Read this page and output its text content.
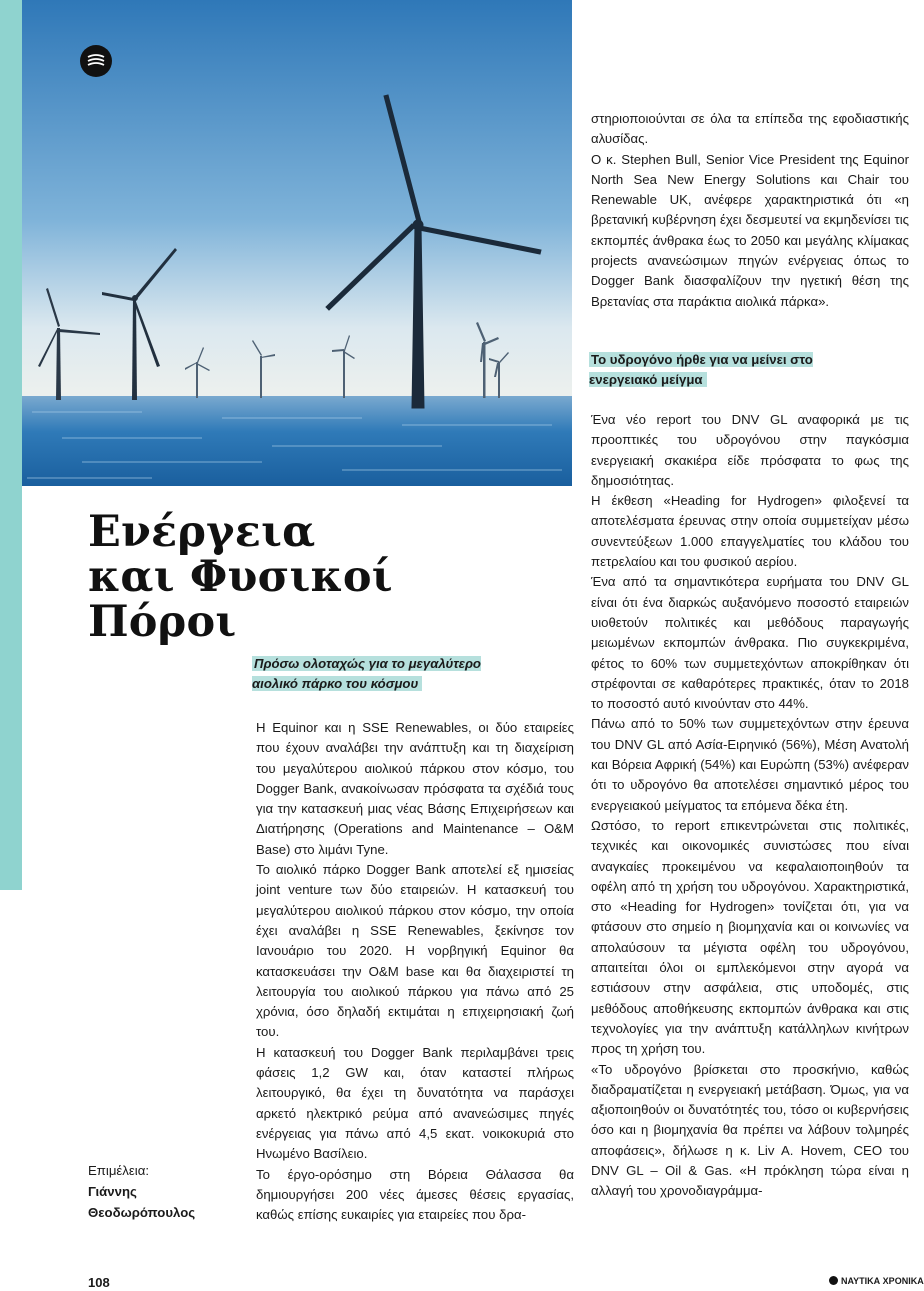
Ενέργεια
και Φυσικοί
Πόροι
Πρόσω ολοταχώς για το μεγαλύτερο αιολικό πάρκο του κόσμου

Η Equinor και η SSE Renewables, οι δύο εταιρείες που έχουν αναλάβει την ανάπτυξη και τη διαχείριση του μεγαλύτερου αιολικού πάρκου στον κόσμο, του Dogger Bank, ανακοίνωσαν πρόσφατα τα σχέδιά τους για την κατασκευή μιας νέας Βάσης Επιχειρήσεων και Διατήρησης (Operations and Maintenance – O&M Base) στο λιμάνι Tyne.

Το αιολικό πάρκο Dogger Bank αποτελεί εξ ημισείας joint venture των δύο εταιρειών. Η κατασκευή του μεγαλύτερου αιολικού πάρκου στον κόσμο, την οποία έχει αναλάβει η SSE Renewables, ξεκίνησε τον Ιανουάριο του 2020. Η νορβηγική Equinor θα κατασκευάσει την O&M base και θα διαχειριστεί τη λειτουργία του αιολικού πάρκου για πάνω από 25 χρόνια, όσο δηλαδή εκτιμάται η επιχειρησιακή ζωή του.

Η κατασκευή του Dogger Bank περιλαμβάνει τρεις φάσεις 1,2 GW και, όταν καταστεί πλήρως λειτουργικό, θα έχει τη δυνατότητα να παράσχει αρκετό ηλεκτρικό ρεύμα από ανανεώσιμες πηγές ενέργειας για πάνω από 4,5 εκατ. νοικοκυριά στο Ηνωμένο Βασίλειο.

Το έργο-ορόσημο στη Βόρεια Θάλασσα θα δημιουργήσει 200 νέες άμεσες θέσεις εργασίας, καθώς επίσης ευκαιρίες για εταιρείες που δρα-

στηριοποιούνται σε όλα τα επίπεδα της εφοδιαστικής αλυσίδας.

Ο κ. Stephen Bull, Senior Vice President της Equinor North Sea New Energy Solutions και Chair του Renewable UK, ανέφερε χαρακτηριστικά ότι «η βρετανική κυβέρνηση έχει δεσμευτεί να εκμηδενίσει τις εκπομπές άνθρακα έως το 2050 και μεγάλης κλίμακας projects ανανεώσιμων πηγών ενέργειας όπως το Dogger Bank διασφαλίζουν την ηγετική θέση της Βρετανίας στα παράκτια αιολικά πάρκα».

Το υδρογόνο ήρθε για να μείνει στο ενεργειακό μείγμα

Ένα νέο report του DNV GL αναφορικά με τις προοπτικές του υδρογόνου στην παγκόσμια ενεργειακή σκακιέρα είδε πρόσφατα το φως της δημοσιότητας.

Η έκθεση «Heading for Hydrogen» φιλοξενεί τα αποτελέσματα έρευνας στην οποία συμμετείχαν μέσω συνεντεύξεων 1.000 επαγγελματίες του κλάδου του πετρελαίου και του φυσικού αερίου.

Ένα από τα σημαντικότερα ευρήματα του DNV GL είναι ότι ένα διαρκώς αυξανόμενο ποσοστό εταιρειών υιοθετούν πολιτικές και μεθόδους παραγωγής μειωμένων εκπομπών άνθρακα. Πιο συγκεκριμένα, φέτος το 60% των συμμετεχόντων αποκρίθηκαν ότι στρέφονται σε καθαρότερες πρακτικές, όταν το 2018 το ποσοστό αυτό κινούνταν στο 44%.

Πάνω από το 50% των συμμετεχόντων στην έρευνα του DNV GL από Ασία-Ειρηνικό (56%), Μέση Ανατολή και Βόρεια Αφρική (54%) και Ευρώπη (53%) ανέφεραν ότι το υδρογόνο θα αποτελέσει σημαντικό μέρος του ενεργειακού μείγματος τα επόμενα δέκα έτη.

Ωστόσο, το report επικεντρώνεται στις πολιτικές, τεχνικές και οικονομικές συνιστώσες που είναι αναγκαίες προκειμένου να κεφαλαιοποιηθούν τα οφέλη από τη χρήση του υδρογόνου. Χαρακτηριστικά, στο «Heading for Hydrogen» τονίζεται ότι, για να φτάσουν στο σημείο η βιομηχανία και οι κοινωνίες να απολαύσουν τα μέγιστα οφέλη του υδρογόνου, απαιτείται όλοι οι εμπλεκόμενοι στην αγορά να εστιάσουν στην ασφάλεια, στις υποδομές, στις μεθόδους αποθήκευσης εκπομπών άνθρακα και στις τεχνολογίες για την ανάπτυξη κατάλληλων κινήτρων προς τη χρήση του.

«Το υδρογόνο βρίσκεται στο προσκήνιο, καθώς διαδραματίζεται η ενεργειακή μετάβαση. Όμως, για να αξιοποιηθούν οι δυνατότητές του, τόσο οι κυβερνήσεις όσο και η βιομηχανία θα πρέπει να λάβουν τολμηρές αποφάσεις», δήλωσε η κ. Liv A. Hovem, CEO του DNV GL – Oil & Gas. «Η πρόκληση τώρα είναι η αλλαγή του χρονοδιαγράμμα-

Επιμέλεια:
Γιάννης
Θεοδωρόπουλος
108	ΝΑΥΤΙΚΑ ΧΡΟΝΙΚΑ
